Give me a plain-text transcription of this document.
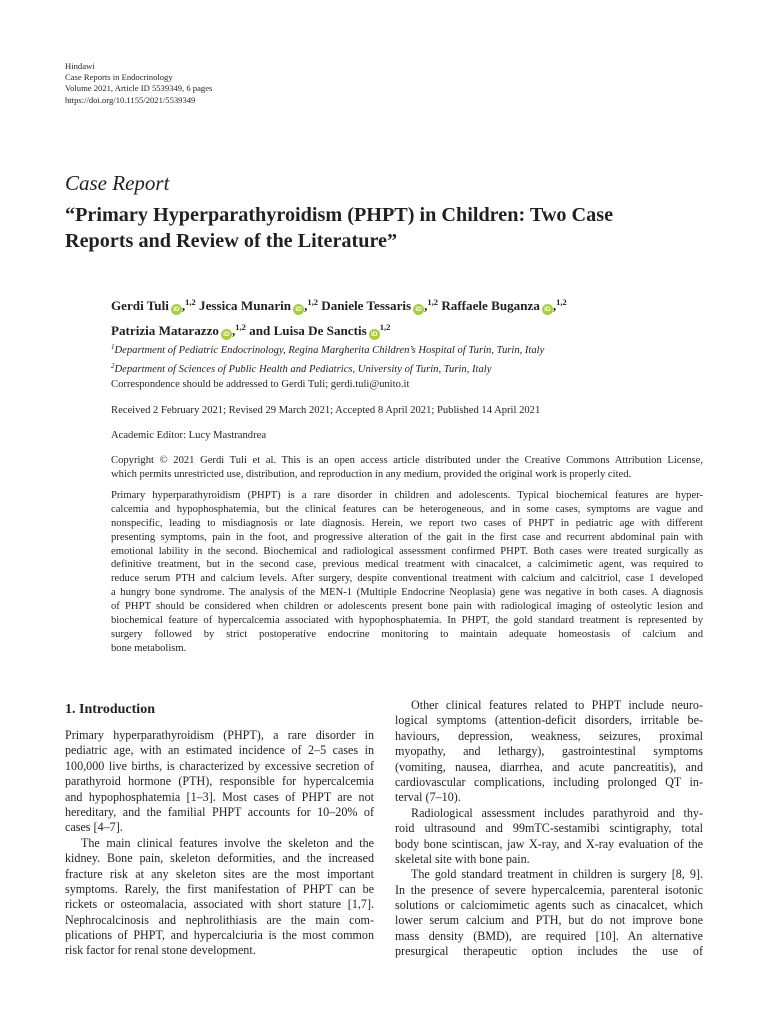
Hindawi
Case Reports in Endocrinology
Volume 2021, Article ID 5539349, 6 pages
https://doi.org/10.1155/2021/5539349
Case Report
“Primary Hyperparathyroidism (PHPT) in Children: Two Case
Reports and Review of the Literature”
Gerdi Tuli iD ,$^{1,2}$ Jessica Munarin iD ,$^{1,2}$ Daniele Tessaris iD ,$^{1,2}$ Raffaele Buganza iD ,$^{1,2}$
Patrizia Matarazzo iD ,$^{1,2}$ and Luisa De Sanctis iD$^{1,2}$
$^1$Department of Pediatric Endocrinology, Regina Margherita Children’s Hospital of Turin, Turin, Italy
$^2$Department of Sciences of Public Health and Pediatrics, University of Turin, Turin, Italy
Correspondence should be addressed to Gerdi Tuli; gerdi.tuli@unito.it
Received 2 February 2021; Revised 29 March 2021; Accepted 8 April 2021; Published 14 April 2021
Academic Editor: Lucy Mastrandrea
Copyright © 2021 Gerdi Tuli et al. This is an open access article distributed under the Creative Commons Attribution License,
which permits unrestricted use, distribution, and reproduction in any medium, provided the original work is properly cited.
Primary hyperparathyroidism (PHPT) is a rare disorder in children and adolescents. Typical biochemical features are hyper-
calcemia and hypophosphatemia, but the clinical features can be heterogeneous, and in some cases, symptoms are vague and
nonspecific, leading to misdiagnosis or late diagnosis. Herein, we report two cases of PHPT in pediatric age with different
presenting symptoms, pain in the foot, and progressive alteration of the gait in the first case and recurrent abdominal pain with
emotional lability in the second. Biochemical and radiological assessment confirmed PHPT. Both cases were treated surgically as
definitive treatment, but in the second case, previous medical treatment with cinacalcet, a calcimimetic agent, was required to
reduce serum PTH and calcium levels. After surgery, despite conventional treatment with calcium and calcitriol, case 1 developed
a hungry bone syndrome. The analysis of the MEN-1 (Multiple Endocrine Neoplasia) gene was negative in both cases. A diagnosis
of PHPT should be considered when children or adolescents present bone pain with radiological imaging of osteolytic lesion and
biochemical feature of hypercalcemia associated with hypophosphatemia. In PHPT, the gold standard treatment is represented by
surgery followed by strict postoperative endocrine monitoring to maintain adequate homeostasis of calcium and
bone metabolism.
1. Introduction
Primary hyperparathyroidism (PHPT), a rare disorder in
pediatric age, with an estimated incidence of 2–5 cases in
100,000 live births, is characterized by excessive secretion of
parathyroid hormone (PTH), responsible for hypercalcemia
and hypophosphatemia [1–3]. Most cases of PHPT are not
hereditary, and the familial PHPT accounts for 10–20% of
cases [4–7].
The main clinical features involve the skeleton and the
kidney. Bone pain, skeleton deformities, and the increased
fracture risk at any skeleton sites are the most important
symptoms. Rarely, the first manifestation of PHPT can be
rickets or osteomalacia, associated with short stature [1,7].
Nephrocalcinosis and nephrolithiasis are the main com-
plications of PHPT, and hypercalciuria is the most common
risk factor for renal stone development.
Other clinical features related to PHPT include neuro-
logical symptoms (attention-deficit disorders, irritable be-
haviours, depression, weakness, seizures, proximal
myopathy, and lethargy), gastrointestinal symptoms
(vomiting, nausea, diarrhea, and acute pancreatitis), and
cardiovascular complications, including prolonged QT in-
terval (7–10).
Radiological assessment includes parathyroid and thy-
roid ultrasound and 99mTC-sestamibi scintigraphy, total
body bone scintiscan, jaw X-ray, and X-ray evaluation of the
skeletal site with bone pain.
The gold standard treatment in children is surgery [8, 9].
In the presence of severe hypercalcemia, parenteral isotonic
solutions or calciomimetic agents such as cinacalcet, which
lower serum calcium and PTH, but do not improve bone
mass density (BMD), are required [10]. An alternative
presurgical therapeutic option includes the use of
